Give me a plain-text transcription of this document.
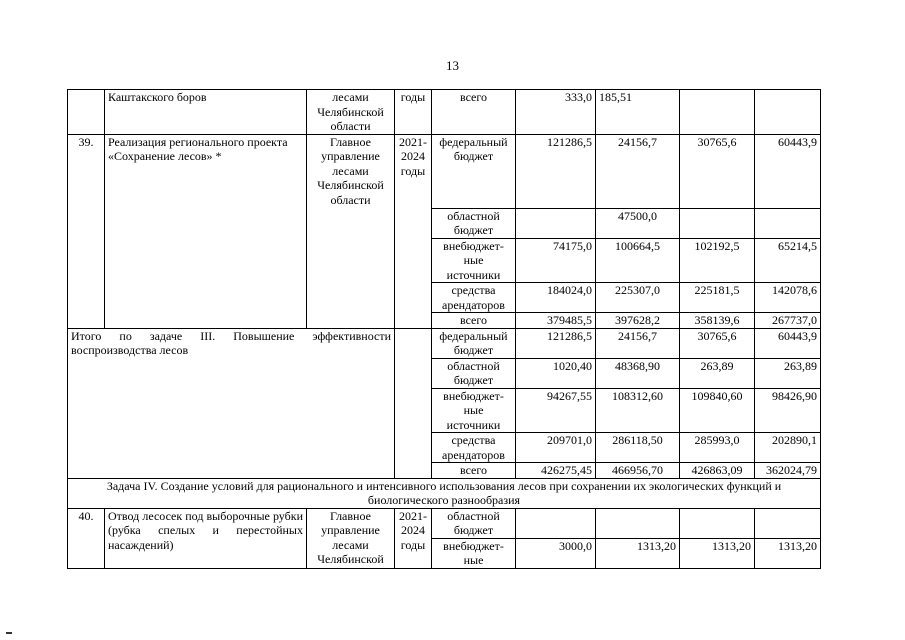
13
	Каштакского боров	лесами
Челябинской
области	годы	всего	333,0	185,51		
39.	Реализация регионального проекта «Сохранение лесов» *	Главное
управление
лесами
Челябинской
области	2021-
2024
годы	федеральный
бюджет	121286,5	24156,7	30765,6	60443,9
				областной
бюджет		47500,0		
				внебюджет-
ные
источники	74175,0	100664,5	102192,5	65214,5
				средства
арендаторов	184024,0	225307,0	225181,5	142078,6
				всего	379485,5	397628,2	358139,6	267737,0
Итого по задаче III. Повышение эффективности воспроизводства лесов				федеральный
бюджет	121286,5	24156,7	30765,6	60443,9
				областной
бюджет	1020,40	48368,90	263,89	263,89
				внебюджет-
ные
источники	94267,55	108312,60	109840,60	98426,90
				средства
арендаторов	209701,0	286118,50	285993,0	202890,1
				всего	426275,45	466956,70	426863,09	362024,79
Задача IV. Создание условий для рационального и интенсивного использования лесов при сохранении их экологических функций и биологического разнообразия								
40.	Отвод лесосек под выборочные рубки (рубка спелых и перестойных насаждений)	Главное
управление
лесами
Челябинской	2021-
2024
годы	областной
бюджет				
				внебюджет-
ные	3000,0	1313,20	1313,20	1313,20
